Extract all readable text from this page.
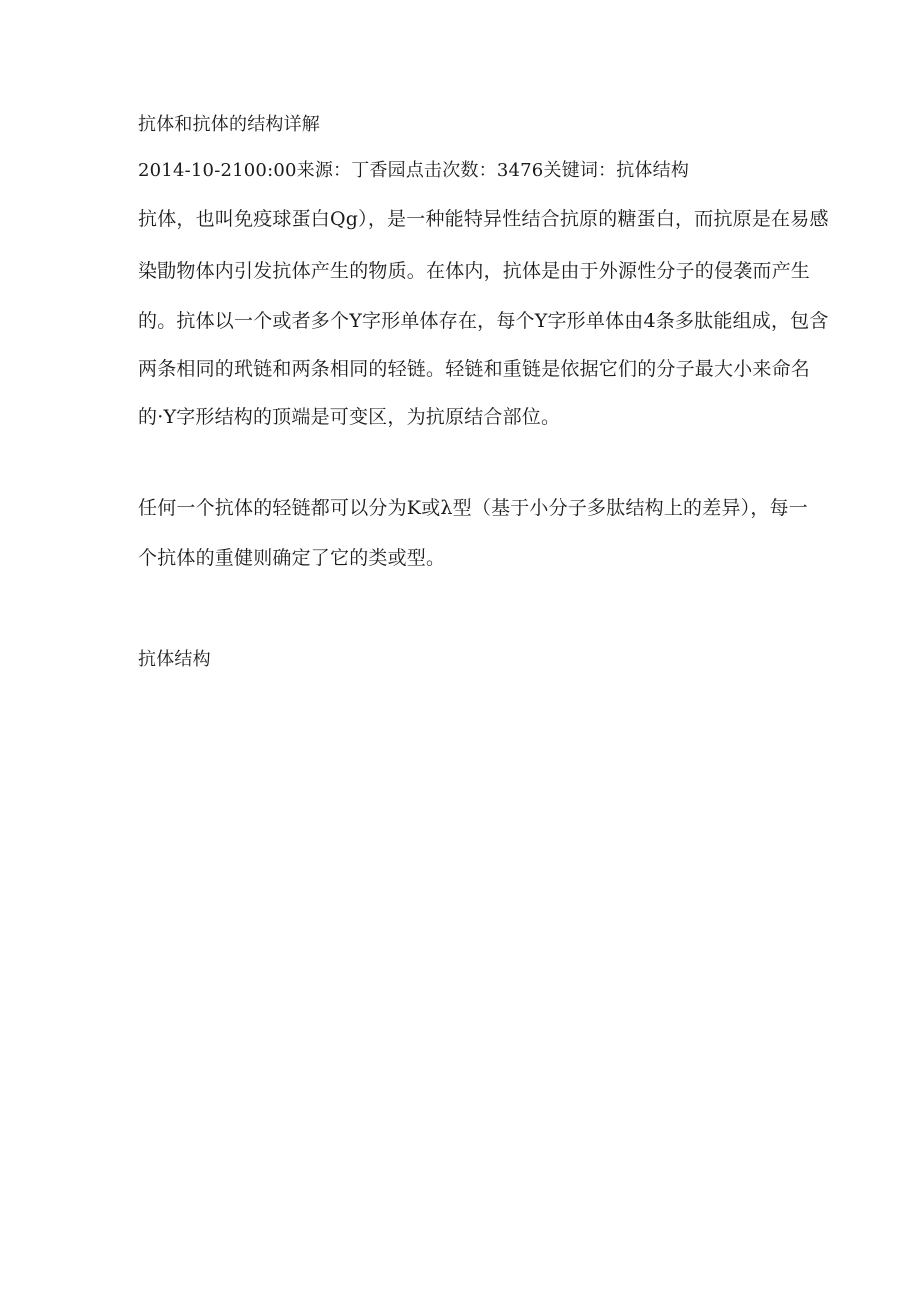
抗体和抗体的结构详解
2014-10-2100:00来源：丁香园点击次数：3476关键词：抗体结构
抗体，也叫免疫球蛋白Qg），是一种能特异性结合抗原的糖蛋白，而抗原是在易感
染勖物体内引发抗体产生的物质。在体内，抗体是由于外源性分子的侵袭而产生
的。抗体以一个或者多个Y字形单体存在，每个Y字形单体由4条多肽能组成，包含
两条相同的玳链和两条相同的轻链。轻链和重链是依据它们的分子最大小来命名
的·Y字形结构的顶端是可变区，为抗原结合部位。
任何一个抗体的轻链都可以分为K或λ型（基于小分子多肽结构上的差异），每一
个抗体的重健则确定了它的类或型。
抗体结构
